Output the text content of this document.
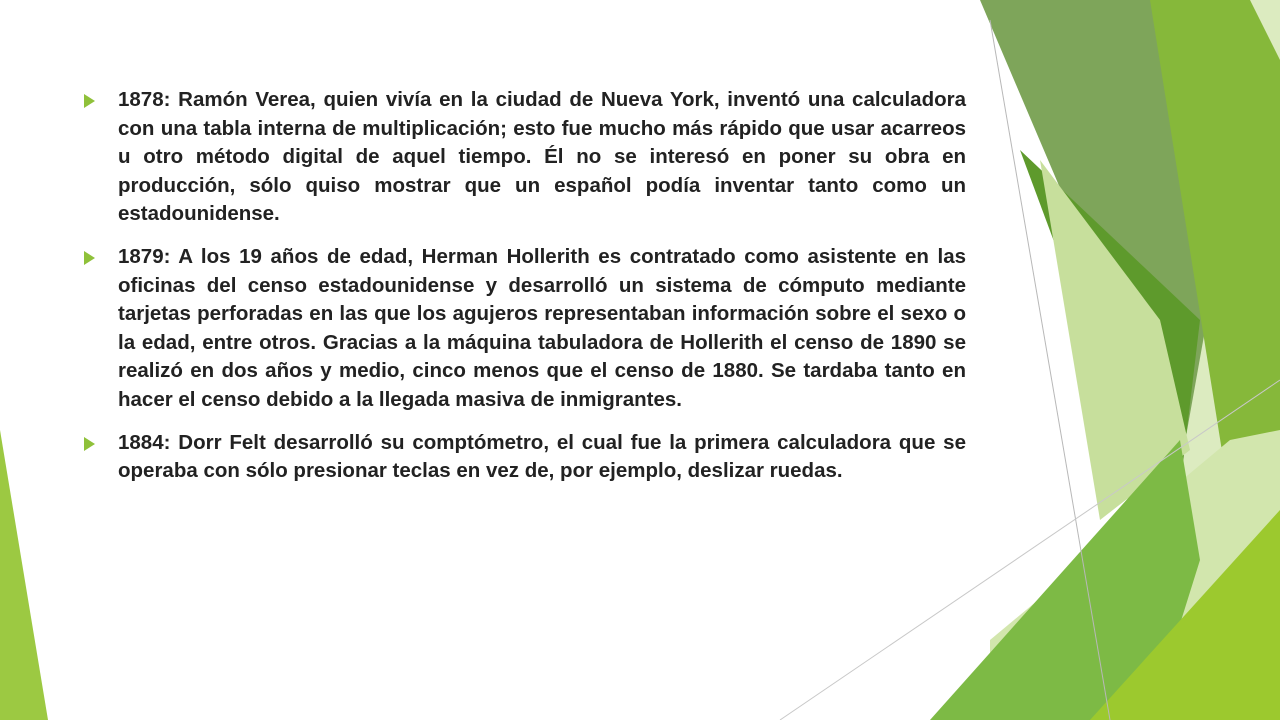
1878: Ramón Verea, quien vivía en la ciudad de Nueva York, inventó una calculadora con una tabla interna de multiplicación; esto fue mucho más rápido que usar acarreos u otro método digital de aquel tiempo. Él no se interesó en poner su obra en producción, sólo quiso mostrar que un español podía inventar tanto como un estadounidense.

1879: A los 19 años de edad, Herman Hollerith es contratado como asistente en las oficinas del censo estadounidense y desarrolló un sistema de cómputo mediante tarjetas perforadas en las que los agujeros representaban información sobre el sexo o la edad, entre otros. Gracias a la máquina tabuladora de Hollerith el censo de 1890 se realizó en dos años y medio, cinco menos que el censo de 1880. Se tardaba tanto en hacer el censo debido a la llegada masiva de inmigrantes.

1884: Dorr Felt desarrolló su comptómetro, el cual fue la primera calculadora que se operaba con sólo presionar teclas en vez de, por ejemplo, deslizar ruedas.
